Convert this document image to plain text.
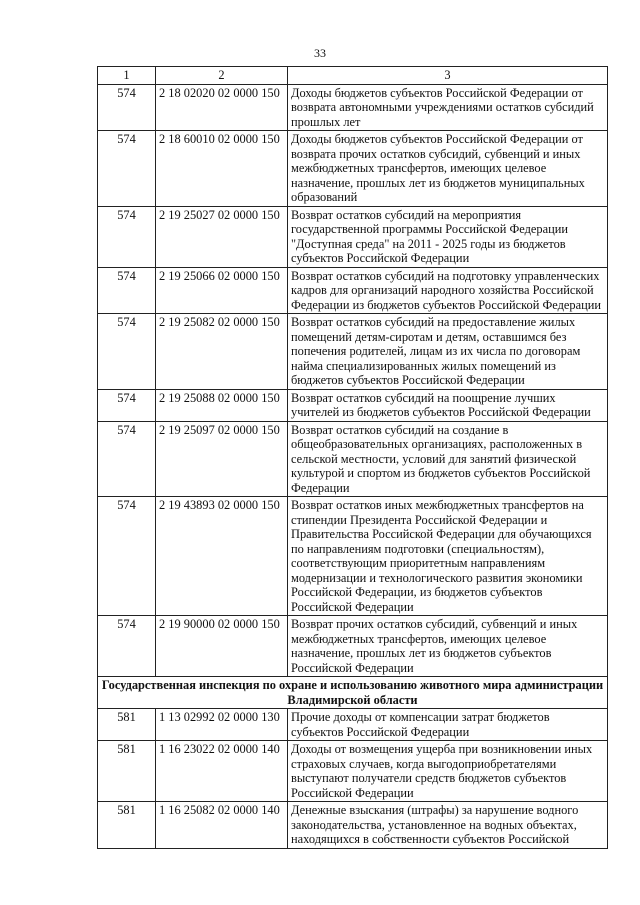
33
1	2	3
574	2 18 02020 02 0000 150	Доходы бюджетов субъектов Российской Федерации от возврата автономными учреждениями остатков субсидий прошлых лет
574	2 18 60010 02 0000 150	Доходы бюджетов субъектов Российской Федерации от возврата прочих остатков субсидий, субвенций и иных межбюджетных трансфертов, имеющих целевое назначение, прошлых лет из бюджетов муниципальных образований
574	2 19 25027 02 0000 150	Возврат остатков субсидий на мероприятия государственной программы Российской Федерации "Доступная среда" на 2011 - 2025 годы из бюджетов субъектов Российской Федерации
574	2 19 25066 02 0000 150	Возврат остатков субсидий на подготовку управленческих кадров для организаций народного хозяйства Российской Федерации из бюджетов субъектов Российской Федерации
574	2 19 25082 02 0000 150	Возврат остатков субсидий на предоставление жилых помещений детям-сиротам и детям, оставшимся без попечения родителей, лицам из их числа по договорам найма специализированных жилых помещений из бюджетов субъектов Российской Федерации
574	2 19 25088 02 0000 150	Возврат остатков субсидий на поощрение лучших учителей из бюджетов субъектов Российской Федерации
574	2 19 25097 02 0000 150	Возврат остатков субсидий на создание в общеобразовательных организациях, расположенных в сельской местности, условий для занятий физической культурой и спортом из бюджетов субъектов Российской Федерации
574	2 19 43893 02 0000 150	Возврат остатков иных межбюджетных трансфертов на стипендии Президента Российской Федерации и Правительства Российской Федерации для обучающихся по направлениям подготовки (специальностям), соответствующим приоритетным направлениям модернизации и технологического развития экономики Российской Федерации, из бюджетов субъектов Российской Федерации
574	2 19 90000 02 0000 150	Возврат прочих остатков субсидий, субвенций и иных межбюджетных трансфертов, имеющих целевое назначение, прошлых лет из бюджетов субъектов Российской Федерации
Государственная инспекция по охране и использованию животного мира администрации Владимирской области		
581	1 13 02992 02 0000 130	Прочие доходы от компенсации затрат бюджетов субъектов Российской Федерации
581	1 16 23022 02 0000 140	Доходы от возмещения ущерба при возникновении иных страховых случаев, когда выгодоприобретателями выступают получатели средств бюджетов субъектов Российской Федерации
581	1 16 25082 02 0000 140	Денежные взыскания (штрафы) за нарушение водного законодательства, установленное на водных объектах, находящихся в собственности субъектов Российской
